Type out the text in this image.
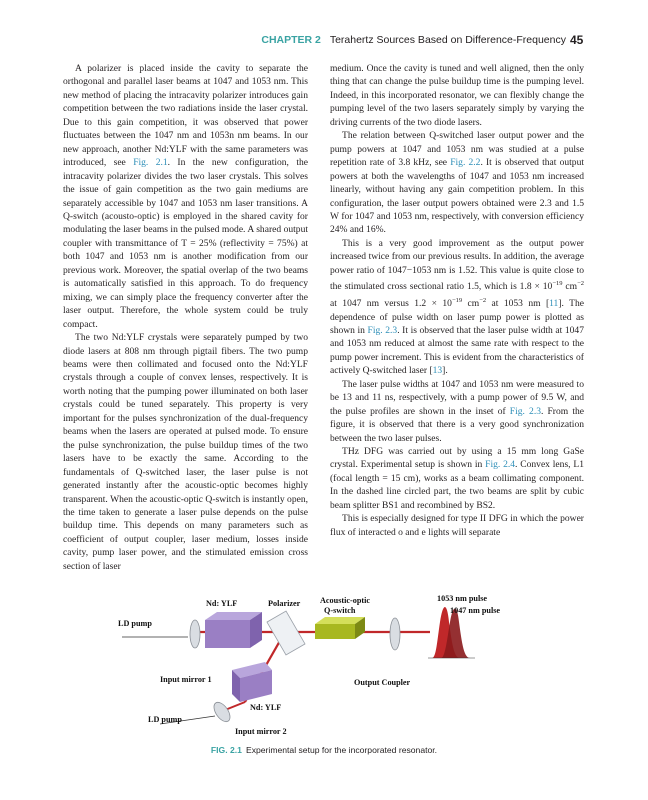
CHAPTER 2 Terahertz Sources Based on Difference-Frequency 45

A polarizer is placed inside the cavity to separate the orthogonal and parallel laser beams at 1047 and 1053 nm. This new method of placing the intracavity polarizer introduces gain competition between the two radiations inside the laser crystal. Due to this gain competition, it was observed that power fluctuates between the 1047 nm and 1053n nm beams. In our new approach, another Nd:YLF with the same parameters was introduced, see Fig. 2.1. In the new configuration, the intracavity polarizer divides the two laser crystals. This solves the issue of gain competition as the two gain mediums are separately accessible by 1047 and 1053 nm laser transitions. A Q-switch (acousto-optic) is employed in the shared cavity for modulating the laser beams in the pulsed mode. A shared output coupler with transmittance of T = 25% (reflectivity = 75%) at both 1047 and 1053 nm is another modification from our previous work. Moreover, the spatial overlap of the two beams is automatically satisfied in this approach. To do frequency mixing, we can simply place the frequency converter after the laser output. Therefore, the whole system could be truly compact.

The two Nd:YLF crystals were separately pumped by two diode lasers at 808 nm through pigtail fibers. The two pump beams were then collimated and focused onto the Nd:YLF crystals through a couple of convex lenses, respectively. It is worth noting that the pumping power illuminated on both laser crystals could be tuned separately. This property is very important for the pulses synchronization of the dual-frequency beams when the lasers are operated at pulsed mode. To ensure the pulse synchronization, the pulse buildup times of the two lasers have to be exactly the same. According to the fundamentals of Q-switched laser, the laser pulse is not generated instantly after the acoustic-optic becomes highly transparent. When the acoustic-optic Q-switch is instantly open, the time taken to generate a laser pulse depends on the pulse buildup time. This depends on many parameters such as coefficient of output coupler, laser medium, losses inside cavity, pump laser power, and the stimulated emission cross section of laser

medium. Once the cavity is tuned and well aligned, then the only thing that can change the pulse buildup time is the pumping level. Indeed, in this incorporated resonator, we can flexibly change the pumping level of the two lasers separately simply by varying the driving currents of the two diode lasers.

The relation between Q-switched laser output power and the pump powers at 1047 and 1053 nm was studied at a pulse repetition rate of 3.8 kHz, see Fig. 2.2. It is observed that output powers at both the wavelengths of 1047 and 1053 nm increased linearly, without having any gain competition problem. In this configuration, the laser output powers obtained were 2.3 and 1.5 W for 1047 and 1053 nm, respectively, with conversion efficiency 24% and 16%.

This is a very good improvement as the output power increased twice from our previous results. In addition, the average power ratio of 1047−1053 nm is 1.52. This value is quite close to the stimulated cross sectional ratio 1.5, which is $1.8 \times 10^{-19}$ $cm^{-2}$ at 1047 nm versus $1.2 \times 10^{-19}$ $cm^{-2}$ at 1053 nm [11]. The dependence of pulse width on laser pump power is plotted as shown in Fig. 2.3. It is observed that the laser pulse width at 1047 and 1053 nm reduced at almost the same rate with respect to the pump power increment. This is evident from the characteristics of actively Q-switched laser [13].

The laser pulse widths at 1047 and 1053 nm were measured to be 13 and 11 ns, respectively, with a pump power of 9.5 W, and the pulse profiles are shown in the inset of Fig. 2.3. From the figure, it is observed that there is a very good synchronization between the two laser pulses.

THz DFG was carried out by using a 15 mm long GaSe crystal. Experimental setup is shown in Fig. 2.4. Convex lens, L1 (focal length = 15 cm), works as a beam collimating component. In the dashed line circled part, the two beams are split by cubic beam splitter BS1 and recombined by BS2.

This is especially designed for type II DFG in which the power flux of interacted o and e lights will separate

LD pump
Input mirror 1
Nd: YLF	Polarizer Acoustic-optic
Q-switch
Output Coupler
Nd: YLF
LD pump
Input mirror 2
1053 nm pulse
1047 nm pulse
FIG. 2.1 Experimental setup for the incorporated resonator.
